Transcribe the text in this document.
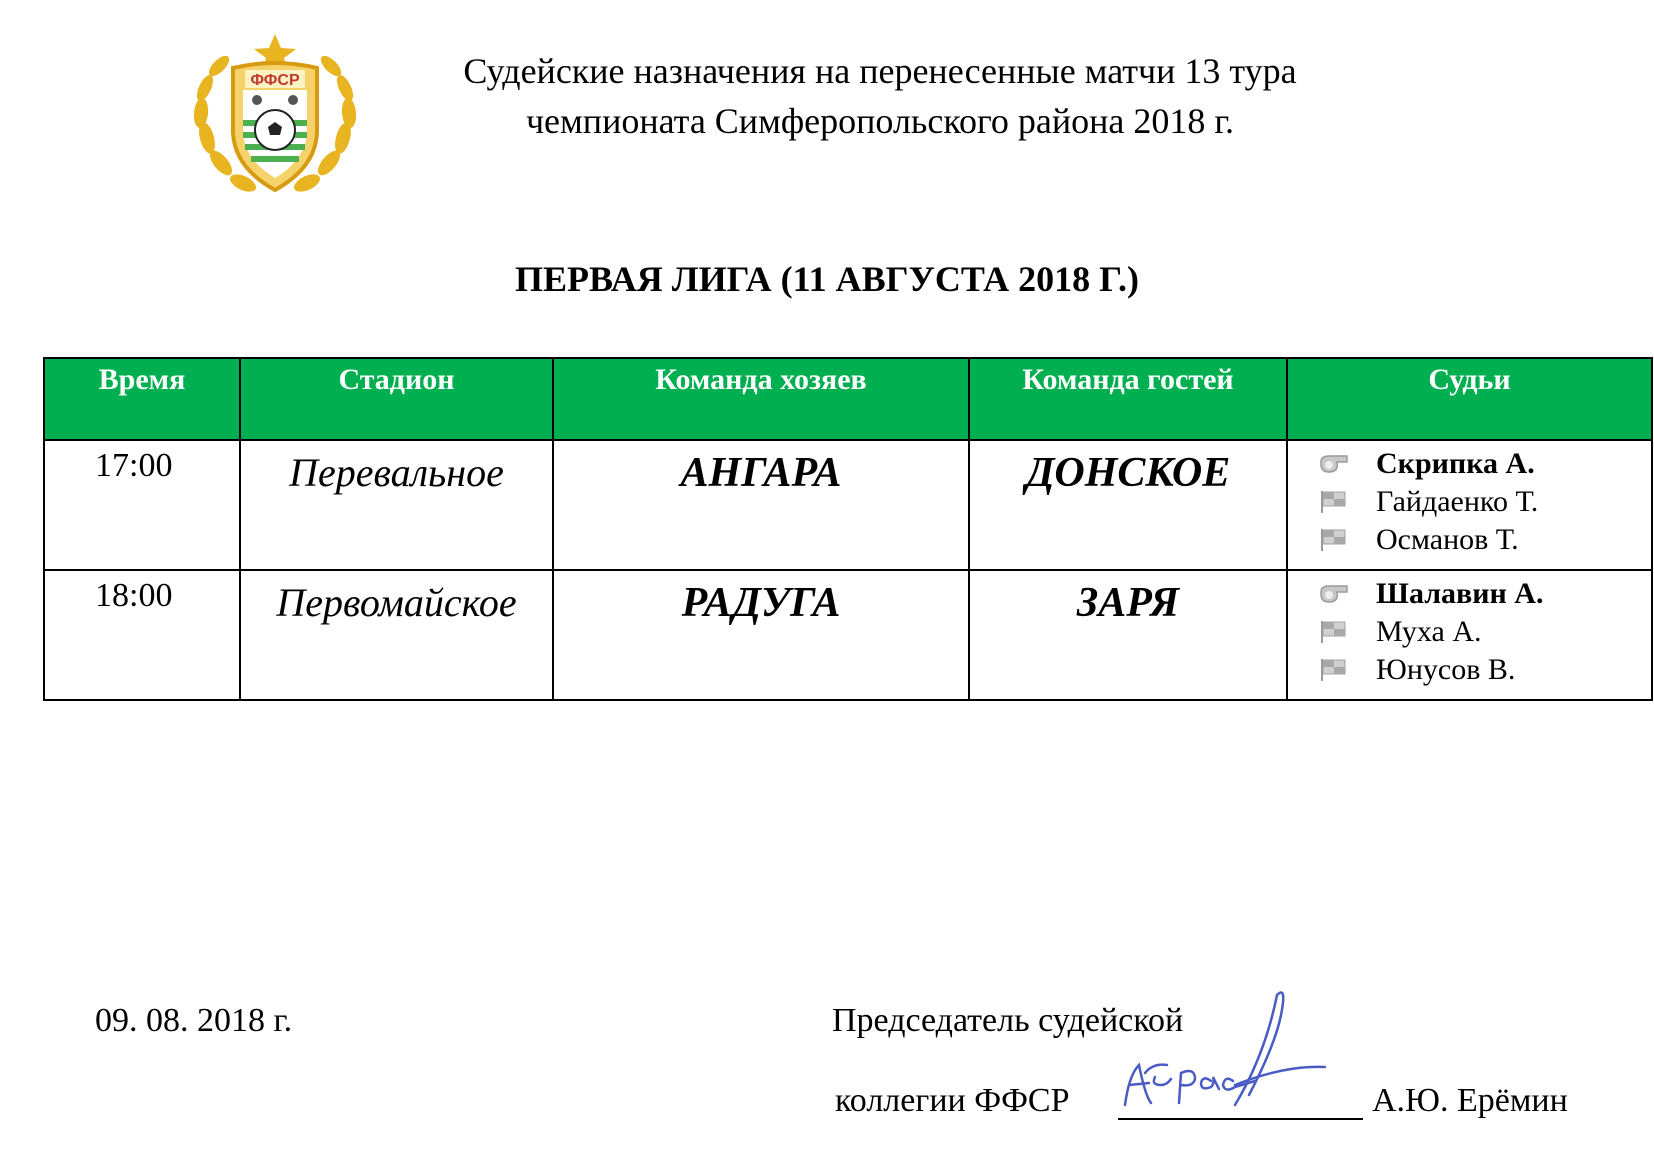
ФФСР	Судейские назначения на перенесенные матчи 13 тура
чемпионата Симферопольского района 2018 г.
ПЕРВАЯ ЛИГА (11 АВГУСТА 2018 Г.)
Время	Стадион	Команда хозяев	Команда гостей	Судьи
17:00	Перевальное	АНГАРА	ДОНСКОЕ	Скрипка А.
Гайдаенко Т.
Османов Т.

18:00	Первомайское	РАДУГА	ЗАРЯ	Шалавин А.
Муха А.
Юнусов В.
09. 08. 2018 г.	Председатель судейской
коллегии ФФСР	А.Ю. Ерёмин
